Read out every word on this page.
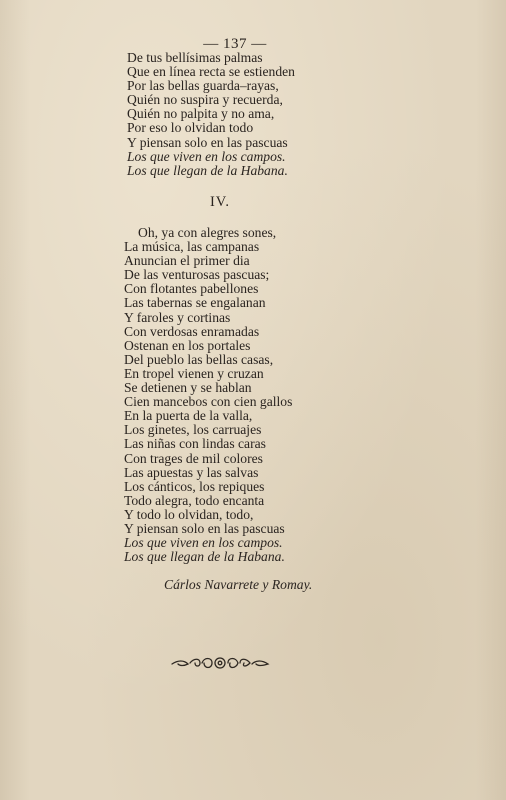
— 137 —
De tus bellísimas palmas
Que en línea recta se estienden
Por las bellas guarda–rayas,
Quién no suspira y recuerda,
Quién no palpita y no ama,
Por eso lo olvidan todo
Y piensan solo en las pascuas
Los que viven en los campos.
Los que llegan de la Habana.
IV.
Oh, ya con alegres sones,
La música, las campanas
Anuncian el primer dia
De las venturosas pascuas;
Con flotantes pabellones
Las tabernas se engalanan
Y faroles y cortinas
Con verdosas enramadas
Ostenan en los portales
Del pueblo las bellas casas,
En tropel vienen y cruzan
Se detienen y se hablan
Cien mancebos con cien gallos
En la puerta de la valla,
Los ginetes, los carruajes
Las niñas con lindas caras
Con trages de mil colores
Las apuestas y las salvas
Los cánticos, los repiques
Todo alegra, todo encanta
Y todo lo olvidan, todo,
Y piensan solo en las pascuas
Los que viven en los campos.
Los que llegan de la Habana.
Cárlos Navarrete y Romay.
